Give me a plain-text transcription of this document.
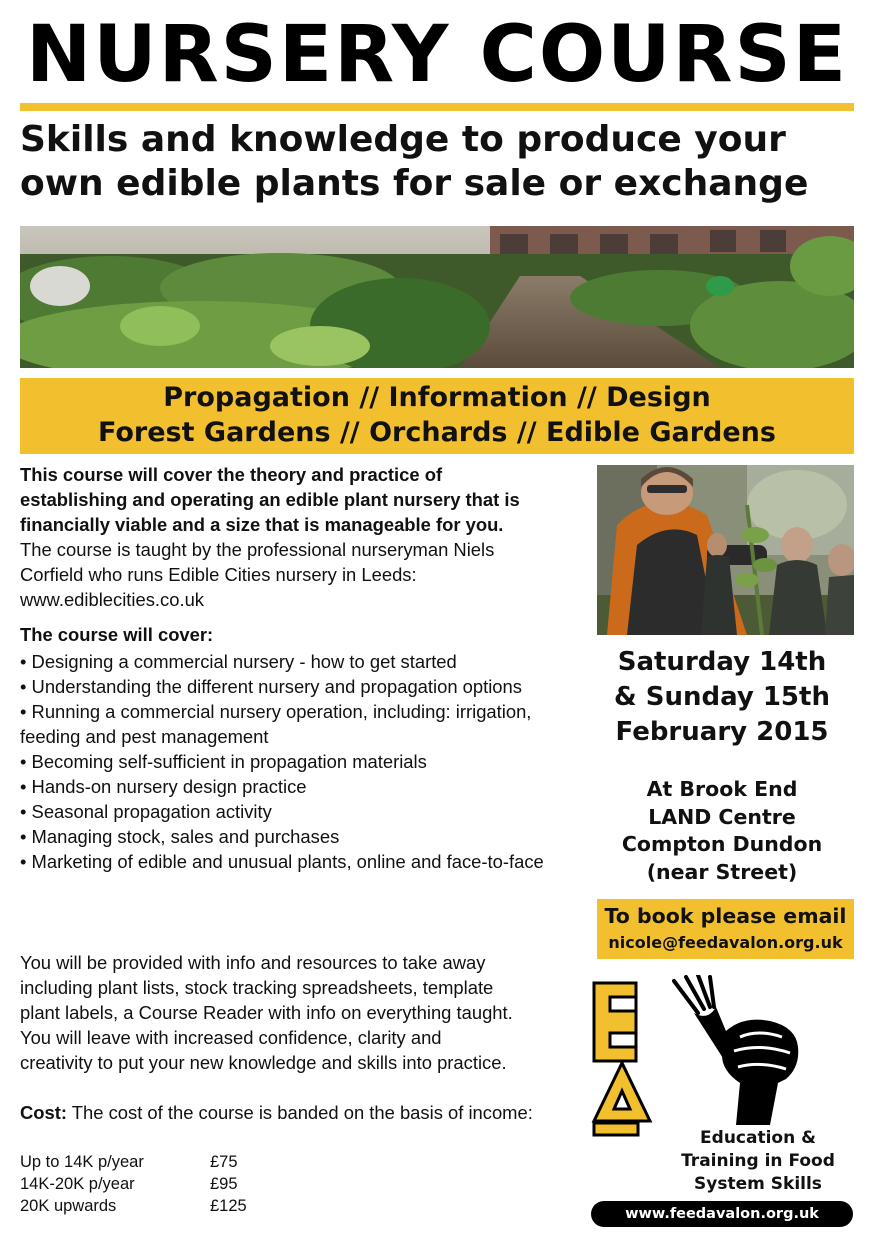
NURSERY COURSE
Skills and knowledge to produce your
own edible plants for sale or exchange
Propagation // Information // Design
Forest Gardens // Orchards // Edible Gardens
This course will cover the theory and practice of
establishing and operating an edible plant nursery that is
financially viable and a size that is manageable for you.
The course is taught by the professional nurseryman Niels
Corfield who runs Edible Cities nursery in Leeds:
www.ediblecities.co.uk
The course will cover:
• Designing a commercial nursery - how to get started
• Understanding the different nursery and propagation options
• Running a commercial nursery operation, including: irrigation, feeding and pest management
• Becoming self-sufficient in propagation materials
• Hands-on nursery design practice
• Seasonal propagation activity
• Managing stock, sales and purchases
• Marketing of edible and unusual plants, online and face-to-face
You will be provided with info and resources to take away
including plant lists, stock tracking spreadsheets, template
plant labels, a Course Reader with info on everything taught.
You will leave with increased confidence, clarity and
creativity to put your new knowledge and skills into practice.
Cost: The cost of the course is banded on the basis of income:
Up to 14K p/year	£75
14K-20K p/year	£95
20K upwards	£125
Saturday 14th
& Sunday 15th
February 2015
At Brook End
LAND Centre
Compton Dundon
(near Street)
To book please email
nicole@feedavalon.org.uk
Education &
Training in Food
System Skills
www.feedavalon.org.uk
